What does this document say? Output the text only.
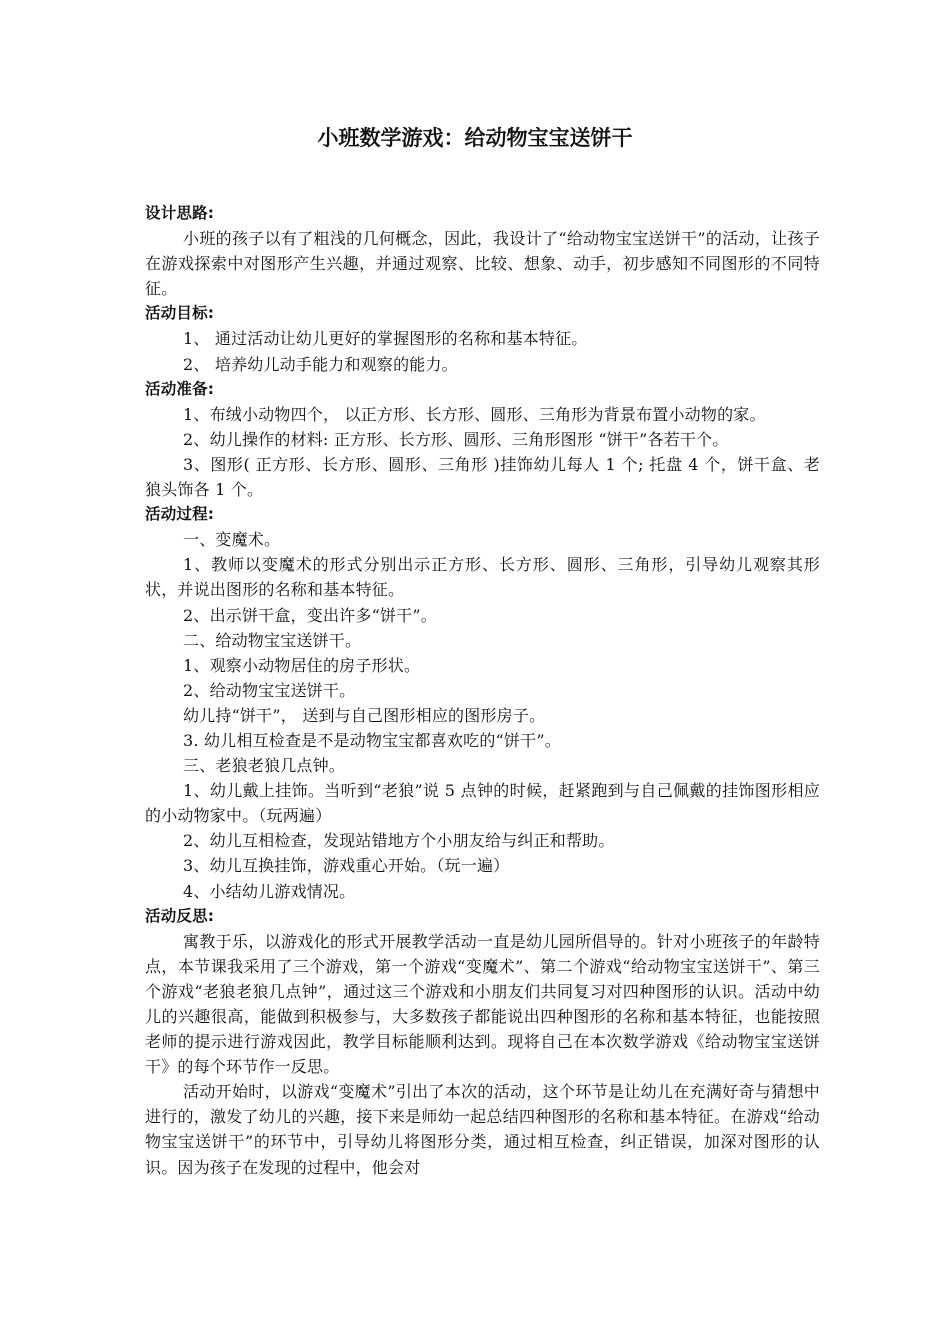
小班数学游戏：给动物宝宝送饼干

设计思路:

小班的孩子以有了粗浅的几何概念，因此，我设计了“给动物宝宝送饼干”的活动，让孩子在游戏探索中对图形产生兴趣，并通过观察、比较、想象、动手，初步感知不同图形的不同特征。

活动目标:

1、 通过活动让幼儿更好的掌握图形的名称和基本特征。

2、 培养幼儿动手能力和观察的能力。

活动准备:

1、布绒小动物四个， 以正方形、长方形、圆形、三角形为背景布置小动物的家。

2、幼儿操作的材料: 正方形、长方形、圆形、三角形图形 “饼干”各若干个。

3、图形( 正方形、长方形、圆形、三角形 )挂饰幼儿每人 1 个; 托盘 4 个，饼干盒、老狼头饰各 1 个。

活动过程:

一、变魔术。

1、教师以变魔术的形式分别出示正方形、长方形、圆形、三角形，引导幼儿观察其形状，并说出图形的名称和基本特征。

2、出示饼干盒，变出许多“饼干”。

二、给动物宝宝送饼干。

1、观察小动物居住的房子形状。

2、给动物宝宝送饼干。

幼儿持“饼干”， 送到与自己图形相应的图形房子。

3. 幼儿相互检查是不是动物宝宝都喜欢吃的“饼干”。

三、老狼老狼几点钟。

1、幼儿戴上挂饰。当听到“老狼”说 5 点钟的时候，赶紧跑到与自己佩戴的挂饰图形相应的小动物家中。（玩两遍）

2、幼儿互相检查，发现站错地方个小朋友给与纠正和帮助。

3、幼儿互换挂饰，游戏重心开始。（玩一遍）

4、小结幼儿游戏情况。

活动反思:

寓教于乐，以游戏化的形式开展教学活动一直是幼儿园所倡导的。针对小班孩子的年龄特点，本节课我采用了三个游戏，第一个游戏“变魔术”、第二个游戏“给动物宝宝送饼干”、第三个游戏“老狼老狼几点钟”，通过这三个游戏和小朋友们共同复习对四种图形的认识。活动中幼儿的兴趣很高，能做到积极参与，大多数孩子都能说出四种图形的名称和基本特征，也能按照老师的提示进行游戏因此，教学目标能顺利达到。现将自己在本次数学游戏《给动物宝宝送饼干》的每个环节作一反思。

活动开始时，以游戏“变魔术”引出了本次的活动，这个环节是让幼儿在充满好奇与猜想中进行的，激发了幼儿的兴趣，接下来是师幼一起总结四种图形的名称和基本特征。在游戏“给动物宝宝送饼干”的环节中，引导幼儿将图形分类，通过相互检查，纠正错误，加深对图形的认识。因为孩子在发现的过程中，他会对
